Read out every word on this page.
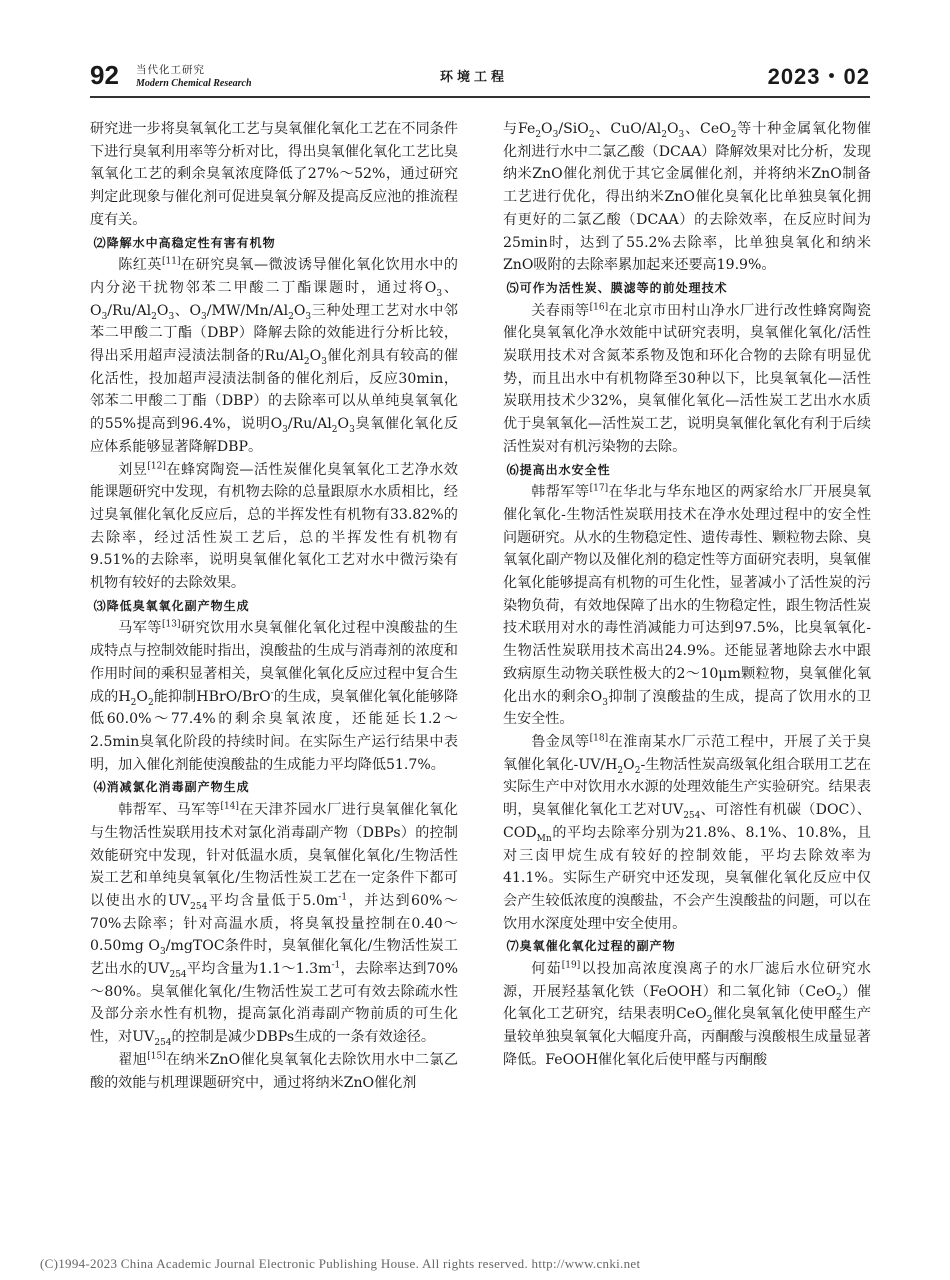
92 当代化工研究
Modern Chemical Research	环境工程	2023・02

研究进一步将臭氧氧化工艺与臭氧催化氧化工艺在不同条件下进行臭氧利用率等分析对比，得出臭氧催化氧化工艺比臭氧氧化工艺的剩余臭氧浓度降低了27%～52%，通过研究判定此现象与催化剂可促进臭氧分解及提高反应池的推流程度有关。

⑵降解水中高稳定性有害有机物

陈红英[11]在研究臭氧—微波诱导催化氧化饮用水中的内分泌干扰物邻苯二甲酸二丁酯课题时，通过将$O_3$、$O_3/Ru/Al_2O_3$、$O_3/MW/Mn/Al_2O_3$三种处理工艺对水中邻苯二甲酸二丁酯（DBP）降解去除的效能进行分析比较，得出采用超声浸渍法制备的$Ru/Al_2O_3$催化剂具有较高的催化活性，投加超声浸渍法制备的催化剂后，反应30min，邻苯二甲酸二丁酯（DBP）的去除率可以从单纯臭氧氧化的55%提高到96.4%，说明$O_3/Ru/Al_2O_3$臭氧催化氧化反应体系能够显著降解DBP。

刘昱[12]在蜂窝陶瓷—活性炭催化臭氧氧化工艺净水效能课题研究中发现，有机物去除的总量跟原水水质相比，经过臭氧催化氧化反应后，总的半挥发性有机物有33.82%的去除率，经过活性炭工艺后，总的半挥发性有机物有9.51%的去除率，说明臭氧催化氧化工艺对水中微污染有机物有较好的去除效果。

⑶降低臭氧氧化副产物生成

马军等[13]研究饮用水臭氧催化氧化过程中溴酸盐的生成特点与控制效能时指出，溴酸盐的生成与消毒剂的浓度和作用时间的乘积显著相关，臭氧催化氧化反应过程中复合生成的$H_2O_2$能抑制HBrO/BrO-的生成，臭氧催化氧化能够降低60.0%～77.4%的剩余臭氧浓度，还能延长1.2～2.5min臭氧化阶段的持续时间。在实际生产运行结果中表明，加入催化剂能使溴酸盐的生成能力平均降低51.7%。

⑷消减氯化消毒副产物生成

韩帮军、马军等[14]在天津芥园水厂进行臭氧催化氧化与生物活性炭联用技术对氯化消毒副产物（DBPs）的控制效能研究中发现，针对低温水质，臭氧催化氧化/生物活性炭工艺和单纯臭氧氧化/生物活性炭工艺在一定条件下都可以使出水的$UV_{254}$平均含量低于$5.0m^{-1}$，并达到60%～70%去除率；针对高温水质，将臭氧投量控制在0.40～0.50mg $O_3$/mgTOC条件时，臭氧催化氧化/生物活性炭工艺出水的$UV_{254}$平均含量为$1.1\sim 1.3m^{-1}$，去除率达到70%～80%。臭氧催化氧化/生物活性炭工艺可有效去除疏水性及部分亲水性有机物，提高氯化消毒副产物前质的可生化性，对$UV_{254}$的控制是减少DBPs生成的一条有效途径。

翟旭[15]在纳米ZnO催化臭氧氧化去除饮用水中二氯乙酸的效能与机理课题研究中，通过将纳米ZnO催化剂

与$Fe_2O_3/SiO_2$、CuO/$Al_2O_3$、CeO$_2$等十种金属氧化物催化剂进行水中二氯乙酸（DCAA）降解效果对比分析，发现纳米ZnO催化剂优于其它金属催化剂，并将纳米ZnO制备工艺进行优化，得出纳米ZnO催化臭氧化比单独臭氧化拥有更好的二氯乙酸（DCAA）的去除效率，在反应时间为25min时，达到了55.2%去除率，比单独臭氧化和纳米ZnO吸附的去除率累加起来还要高19.9%。

⑸可作为活性炭、膜滤等的前处理技术

关春雨等[16]在北京市田村山净水厂进行改性蜂窝陶瓷催化臭氧氧化净水效能中试研究表明，臭氧催化氧化/活性炭联用技术对含氮苯系物及饱和环化合物的去除有明显优势，而且出水中有机物降至30种以下，比臭氧氧化—活性炭联用技术少32%，臭氧催化氧化—活性炭工艺出水水质优于臭氧氧化—活性炭工艺，说明臭氧催化氧化有利于后续活性炭对有机污染物的去除。

⑹提高出水安全性

韩帮军等[17]在华北与华东地区的两家给水厂开展臭氧催化氧化-生物活性炭联用技术在净水处理过程中的安全性问题研究。从水的生物稳定性、遗传毒性、颗粒物去除、臭氧氧化副产物以及催化剂的稳定性等方面研究表明，臭氧催化氧化能够提高有机物的可生化性，显著减小了活性炭的污染物负荷，有效地保障了出水的生物稳定性，跟生物活性炭技术联用对水的毒性消减能力可达到97.5%，比臭氧氧化-生物活性炭联用技术高出24.9%。还能显著地除去水中跟致病原生动物关联性极大的2～10μm颗粒物，臭氧催化氧化出水的剩余$O_3$抑制了溴酸盐的生成，提高了饮用水的卫生安全性。

鲁金凤等[18]在淮南某水厂示范工程中，开展了关于臭氧催化氧化$-UV/H_2O_2-$生物活性炭高级氧化组合联用工艺在实际生产中对饮用水水源的处理效能生产实验研究。结果表明，臭氧催化氧化工艺对$UV_{254}$、可溶性有机碳（DOC）、$COD_{Mn}$的平均去除率分别为21.8%、8.1%、10.8%，且对三卤甲烷生成有较好的控制效能，平均去除效率为41.1%。实际生产研究中还发现，臭氧催化氧化反应中仅会产生较低浓度的溴酸盐，不会产生溴酸盐的问题，可以在饮用水深度处理中安全使用。

⑺臭氧催化氧化过程的副产物

何茹[19]以投加高浓度溴离子的水厂滤后水位研究水源，开展羟基氧化铁（FeOOH）和二氧化铈（CeO$_2$）催化氧化工艺研究，结果表明CeO$_2$催化臭氧氧化使甲醛生产量较单独臭氧氧化大幅度升高，丙酮酸与溴酸根生成量显著降低。FeOOH催化氧化后使甲醛与丙酮酸

(C)1994-2023 China Academic Journal Electronic Publishing House. All rights reserved. http://www.cnki.net
